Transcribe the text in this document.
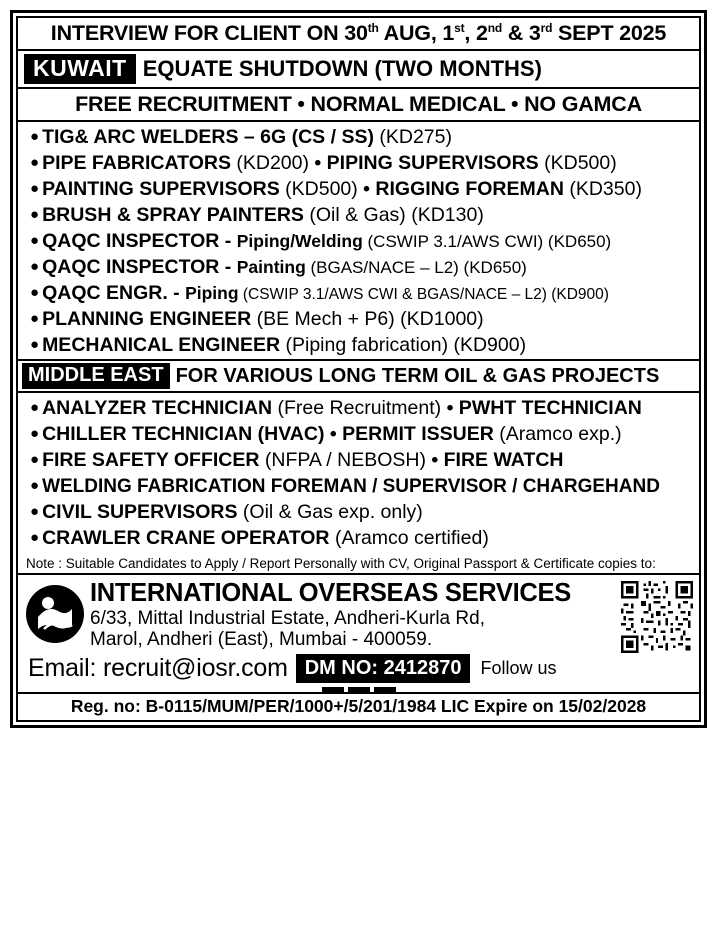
INTERVIEW FOR CLIENT ON 30th AUG, 1st, 2nd & 3rd SEPT 2025
KUWAIT EQUATE SHUTDOWN (TWO MONTHS)
FREE RECRUITMENT • NORMAL MEDICAL • NO GAMCA
● TIG& ARC WELDERS – 6G (CS / SS) (KD275)
● PIPE FABRICATORS (KD200) • PIPING SUPERVISORS (KD500)
● PAINTING SUPERVISORS (KD500) • RIGGING FOREMAN (KD350)
● BRUSH & SPRAY PAINTERS (Oil & Gas) (KD130)
● QAQC INSPECTOR - Piping/Welding (CSWIP 3.1/AWS CWI) (KD650)
● QAQC INSPECTOR - Painting (BGAS/NACE – L2) (KD650)
● QAQC ENGR. - Piping (CSWIP 3.1/AWS CWI & BGAS/NACE – L2) (KD900)
● PLANNING ENGINEER (BE Mech + P6) (KD1000)
● MECHANICAL ENGINEER (Piping fabrication) (KD900)
MIDDLE EAST FOR VARIOUS LONG TERM OIL & GAS PROJECTS
● ANALYZER TECHNICIAN (Free Recruitment) • PWHT TECHNICIAN
● CHILLER TECHNICIAN (HVAC) • PERMIT ISSUER (Aramco exp.)
● FIRE SAFETY OFFICER (NFPA / NEBOSH) • FIRE WATCH
● WELDING FABRICATION FOREMAN / SUPERVISOR / CHARGEHAND
● CIVIL SUPERVISORS (Oil & Gas exp. only)
● CRAWLER CRANE OPERATOR (Aramco certified)
Note : Suitable Candidates to Apply / Report Personally with CV, Original Passport & Certificate copies to:
INTERNATIONAL OVERSEAS SERVICES
6/33, Mittal Industrial Estate, Andheri-Kurla Rd,
Marol, Andheri (East), Mumbai - 400059.
Email: recruit@iosr.com DM NO: 2412870	Follow us
Reg. no: B-0115/MUM/PER/1000+/5/201/1984 LIC Expire on 15/02/2028
